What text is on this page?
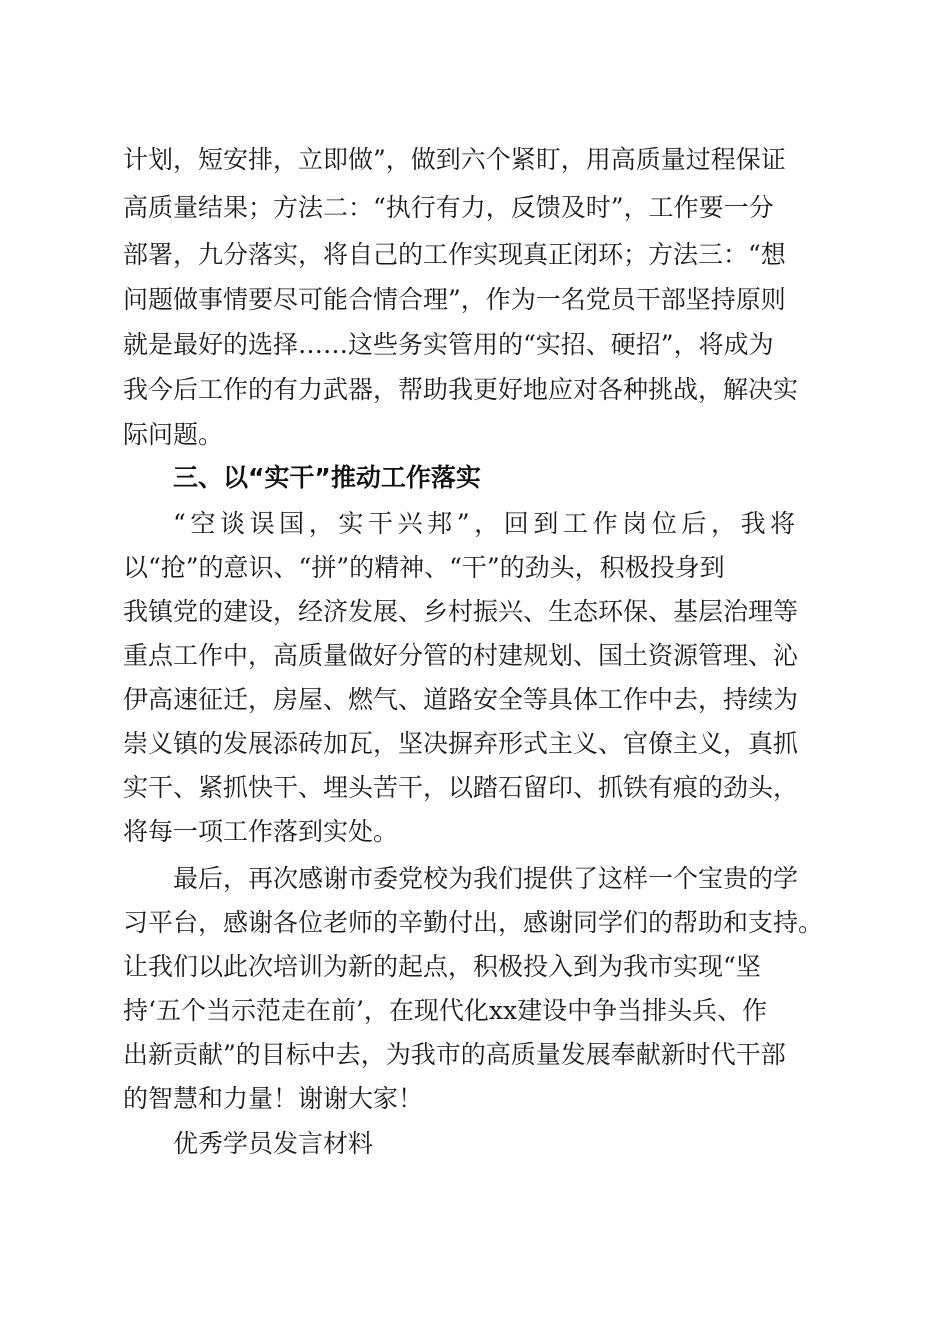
计划，短安排，立即做”，做到六个紧盯，用高质量过程保证
高质量结果；方法二：“执行有力，反馈及时”，工作要一分
部署，九分落实，将自己的工作实现真正闭环；方法三：“想
问题做事情要尽可能合情合理”，作为一名党员干部坚持原则
就是最好的选择……这些务实管用的“实招、硬招”，将成为
我今后工作的有力武器，帮助我更好地应对各种挑战，解决实
际问题。
三、以“实干”推动工作落实
“空谈误国，实干兴邦”，回到工作岗位后，我将
以“抢”的意识、“拼”的精神、“干”的劲头，积极投身到
我镇党的建设，经济发展、乡村振兴、生态环保、基层治理等
重点工作中，高质量做好分管的村建规划、国土资源管理、沁
伊高速征迁，房屋、燃气、道路安全等具体工作中去，持续为
崇义镇的发展添砖加瓦，坚决摒弃形式主义、官僚主义，真抓
实干、紧抓快干、埋头苦干，以踏石留印、抓铁有痕的劲头，
将每一项工作落到实处。
最后，再次感谢市委党校为我们提供了这样一个宝贵的学
习平台，感谢各位老师的辛勤付出，感谢同学们的帮助和支持。
让我们以此次培训为新的起点，积极投入到为我市实现“坚
持‘五个当示范走在前’，在现代化xx建设中争当排头兵、作
出新贡献”的目标中去，为我市的高质量发展奉献新时代干部
的智慧和力量！谢谢大家！
优秀学员发言材料
